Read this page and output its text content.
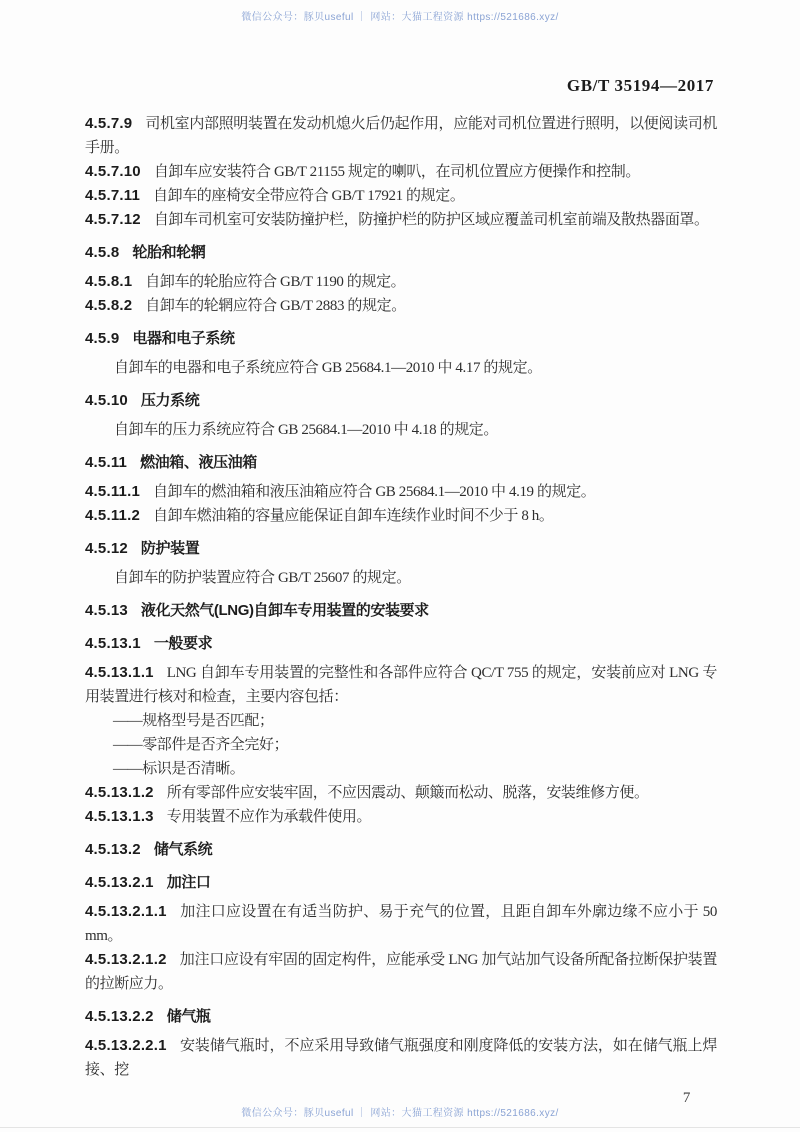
微信公众号：豚贝useful ｜ 网站：大猫工程资源 https://521686.xyz/
GB/T 35194—2017

4.5.7.9 司机室内部照明装置在发动机熄火后仍起作用，应能对司机位置进行照明，以便阅读司机手册。

4.5.7.10 自卸车应安装符合 GB/T 21155 规定的喇叭，在司机位置应方便操作和控制。

4.5.7.11 自卸车的座椅安全带应符合 GB/T 17921 的规定。

4.5.7.12 自卸车司机室可安装防撞护栏，防撞护栏的防护区域应覆盖司机室前端及散热器面罩。

4.5.8 轮胎和轮辋

4.5.8.1 自卸车的轮胎应符合 GB/T 1190 的规定。

4.5.8.2 自卸车的轮辋应符合 GB/T 2883 的规定。

4.5.9 电器和电子系统

自卸车的电器和电子系统应符合 GB 25684.1—2010 中 4.17 的规定。

4.5.10 压力系统

自卸车的压力系统应符合 GB 25684.1—2010 中 4.18 的规定。

4.5.11 燃油箱、液压油箱

4.5.11.1 自卸车的燃油箱和液压油箱应符合 GB 25684.1—2010 中 4.19 的规定。

4.5.11.2 自卸车燃油箱的容量应能保证自卸车连续作业时间不少于 8 h。

4.5.12 防护装置

自卸车的防护装置应符合 GB/T 25607 的规定。

4.5.13 液化天然气(LNG)自卸车专用装置的安装要求

4.5.13.1 一般要求

4.5.13.1.1 LNG 自卸车专用装置的完整性和各部件应符合 QC/T 755 的规定，安装前应对 LNG 专用装置进行核对和检查，主要内容包括：

——规格型号是否匹配；

——零部件是否齐全完好；

——标识是否清晰。

4.5.13.1.2 所有零部件应安装牢固，不应因震动、颠簸而松动、脱落，安装维修方便。

4.5.13.1.3 专用装置不应作为承载件使用。

4.5.13.2 储气系统

4.5.13.2.1 加注口

4.5.13.2.1.1 加注口应设置在有适当防护、易于充气的位置，且距自卸车外廓边缘不应小于 50 mm。

4.5.13.2.1.2 加注口应设有牢固的固定构件，应能承受 LNG 加气站加气设备所配备拉断保护装置的拉断应力。

4.5.13.2.2 储气瓶

4.5.13.2.2.1 安装储气瓶时，不应采用导致储气瓶强度和刚度降低的安装方法，如在储气瓶上焊接、挖

7

微信公众号：豚贝useful ｜ 网站：大猫工程资源 https://521686.xyz/
